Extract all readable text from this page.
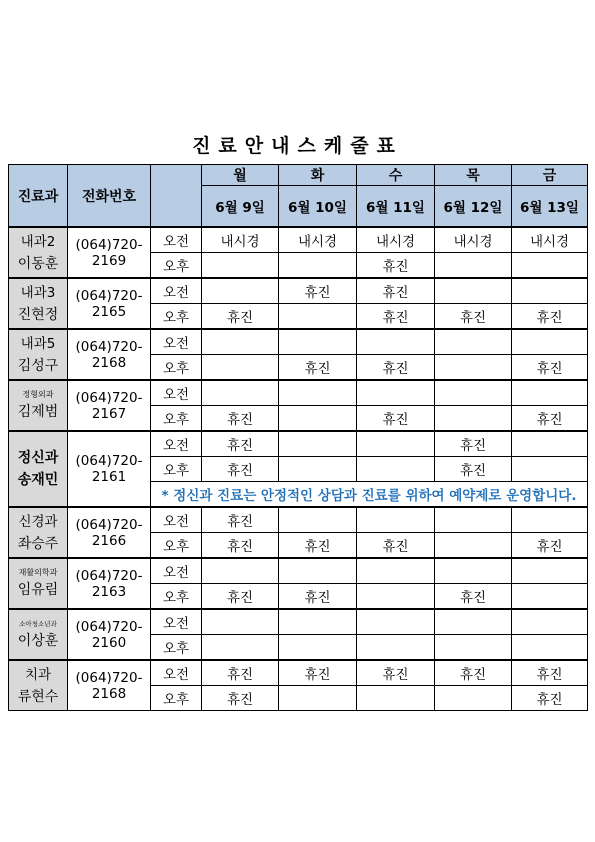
진료안내스케줄표
진료과	전화번호		월	화	수	목	금
			6월 9일	6월 10일	6월 11일	6월 12일	6월 13일

내과2
이동훈	(064)720-2169	오전	내시경	내시경	내시경	내시경	내시경
		오후			휴진		

내과3
진현정	(064)720-2165	오전		휴진	휴진		
		오후	휴진		휴진	휴진	휴진

내과5
김성구	(064)720-2168	오전					
		오후		휴진	휴진		휴진

정형외과
김제범	(064)720-2167	오전					
		오후	휴진		휴진		휴진

정신과
송재민	(064)720-2161	오전	휴진			휴진	
		오후	휴진			휴진	
		* 정신과 진료는 안정적인 상담과 진료를 위하여 예약제로 운영합니다.					

신경과
좌승주	(064)720-2166	오전	휴진				
		오후	휴진	휴진	휴진		휴진

재활의학과
임유림	(064)720-2163	오전					
		오후	휴진	휴진		휴진	

소아청소년과
이상훈	(064)720-2160	오전					
		오후					

치과
류현수	(064)720-2168	오전	휴진	휴진	휴진	휴진	휴진
		오후	휴진				휴진
